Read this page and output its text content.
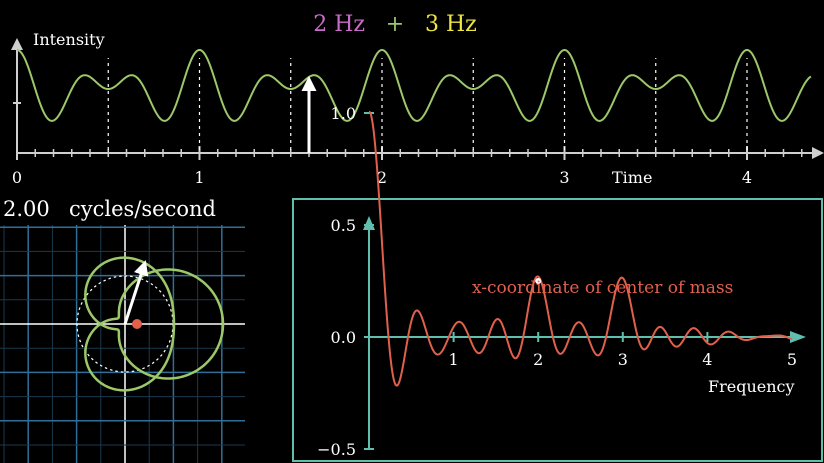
2 Hz + 3 Hz
Intensity
0	1	2	3	4
Time
2.00 cycles/second
1.0
0.5
0.0
−0.5
1	2	3	4	5
x-coordinate of center of mass
Frequency
